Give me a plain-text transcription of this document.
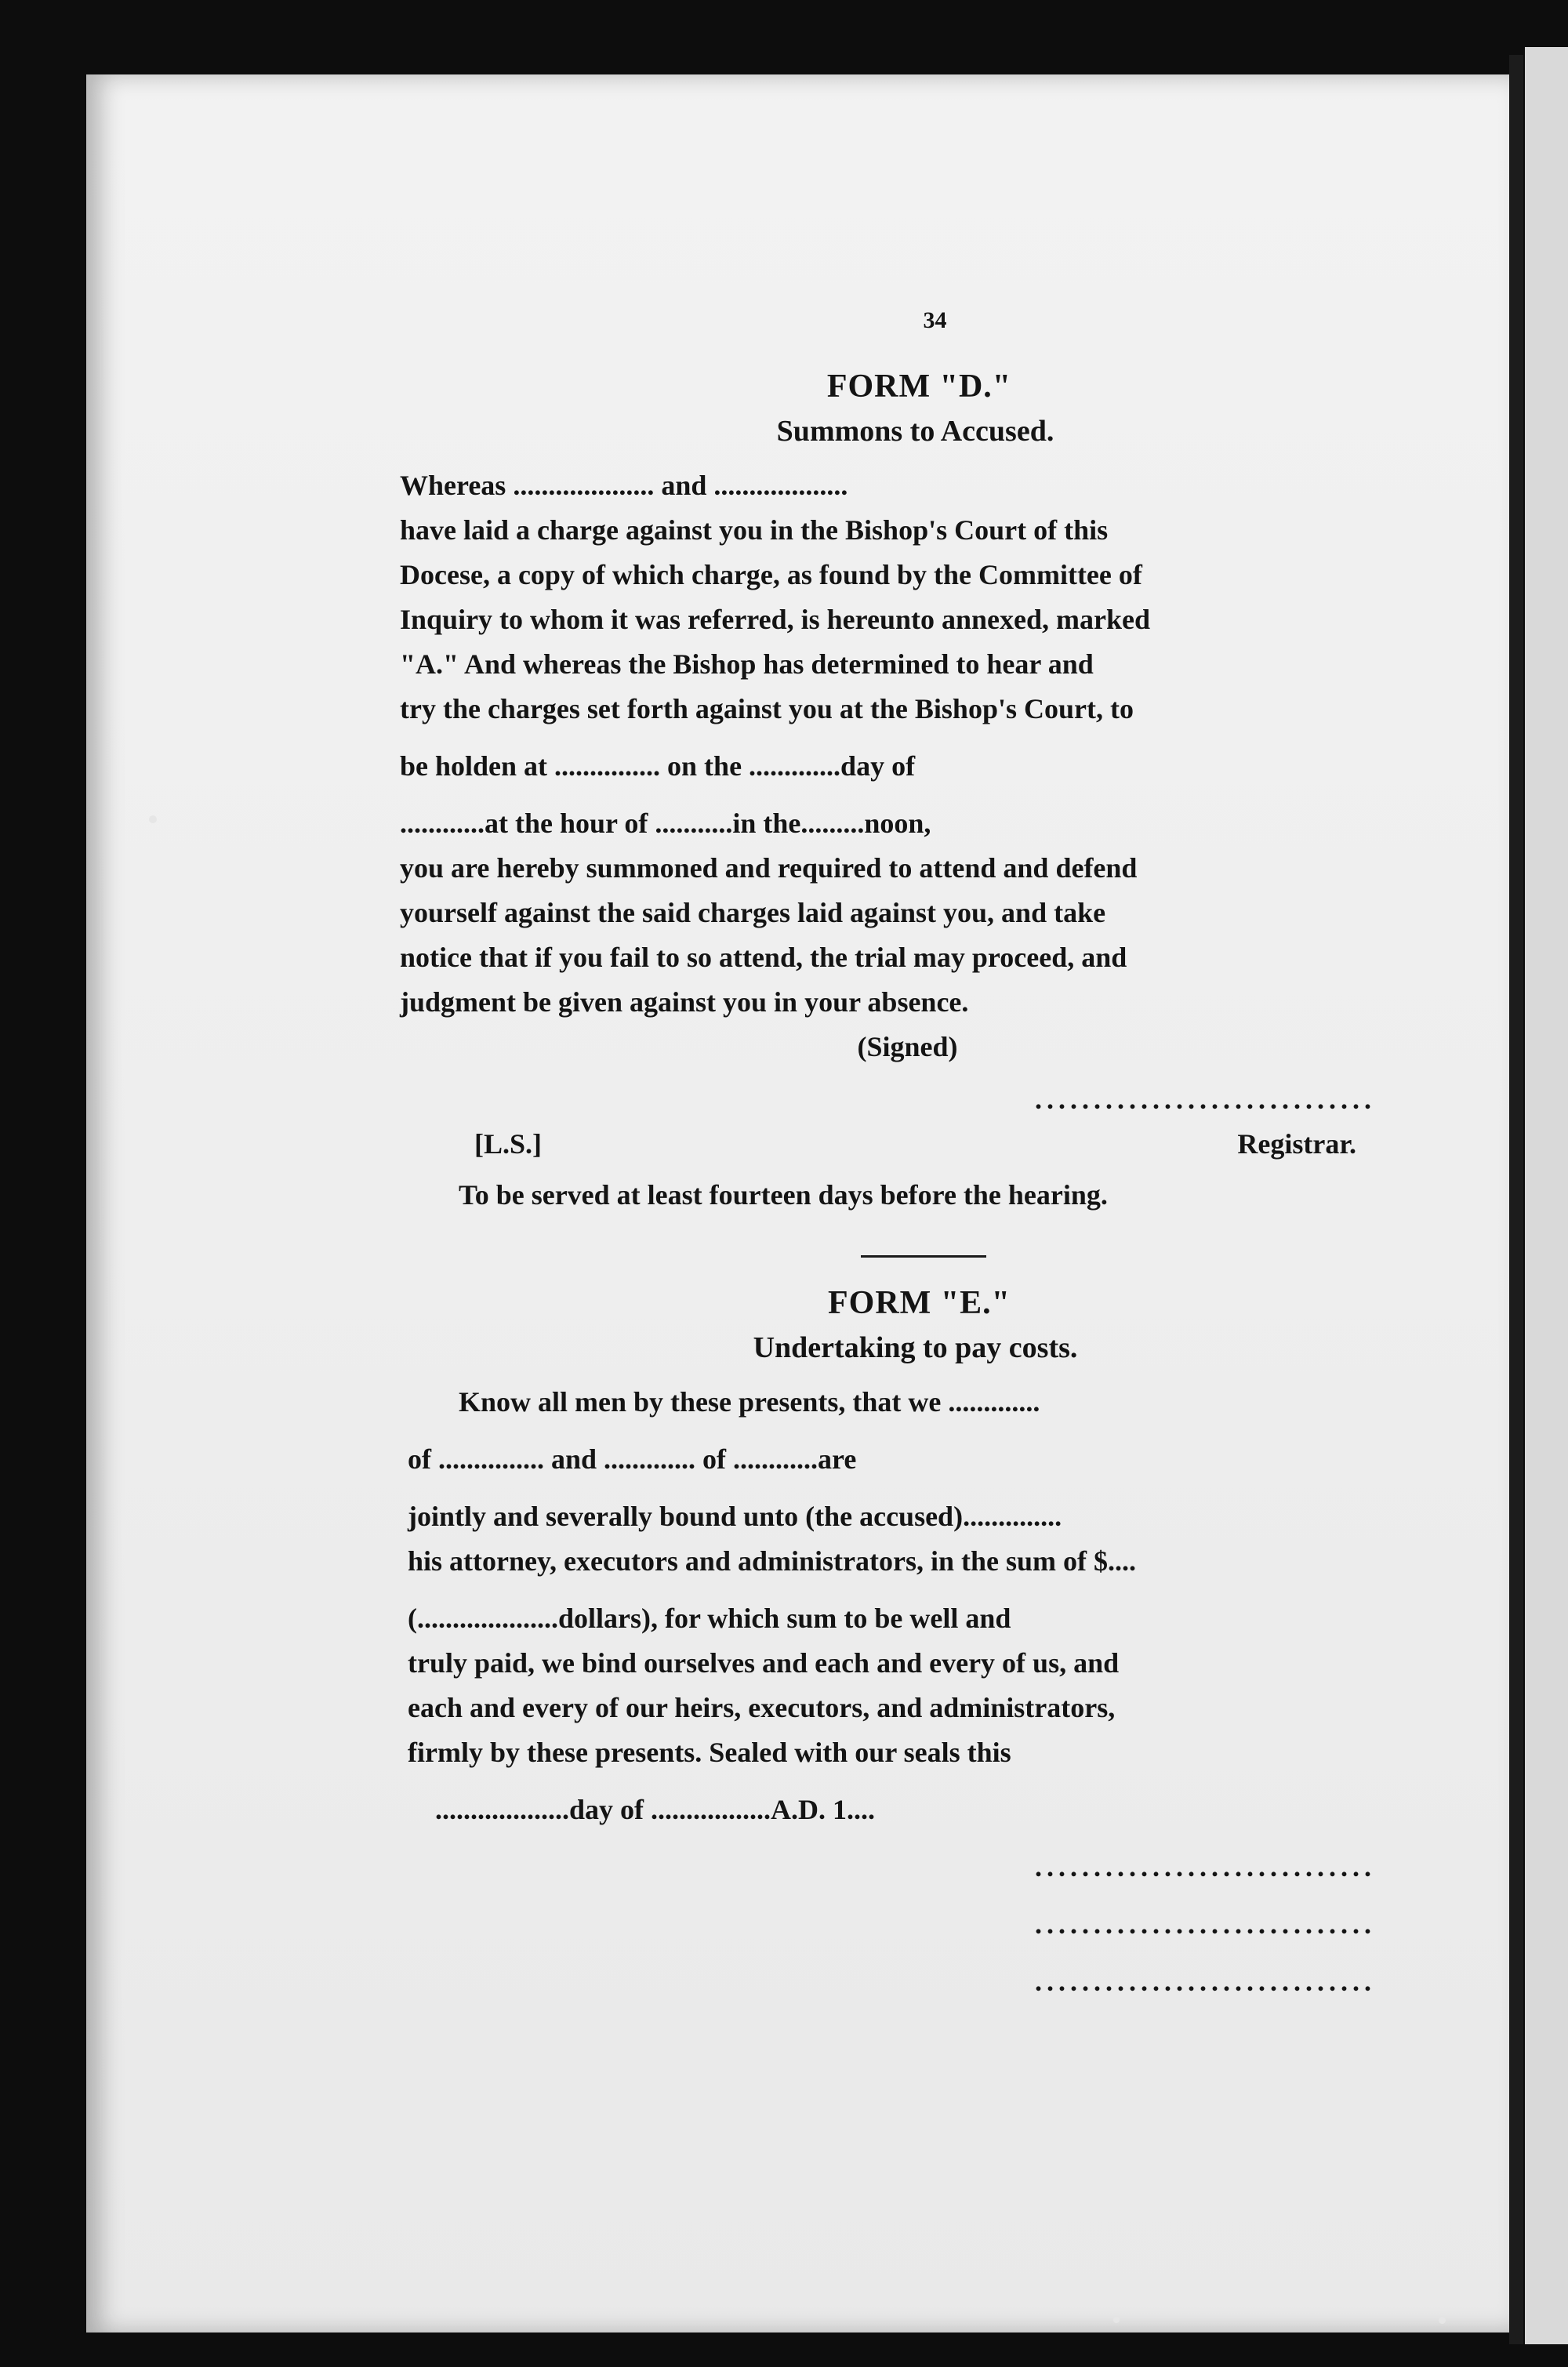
34
FORM "D."
Summons to Accused.
Whereas .................... and ...................
have laid a charge against you in the Bishop's Court of this
Docese, a copy of which charge, as found by the Committee of
Inquiry to whom it was referred, is hereunto annexed, marked
"A." And whereas the Bishop has determined to hear and
try the charges set forth against you at the Bishop's Court, to
be holden at ............... on the .............day of
............at the hour of ...........in the.........noon,
you are hereby summoned and required to attend and defend
yourself against the said charges laid against you, and take
notice that if you fail to so attend, the trial may proceed, and
judgment be given against you in your absence.
(Signed)
.............................
[L.S.]	Registrar.
To be served at least fourteen days before the hearing.
FORM "E."
Undertaking to pay costs.
Know all men by these presents, that we .............
of ............... and ............. of ............are
jointly and severally bound unto (the accused)..............
his attorney, executors and administrators, in the sum of $....
(....................dollars), for which sum to be well and
truly paid, we bind ourselves and each and every of us, and
each and every of our heirs, executors, and administrators,
firmly by these presents. Sealed with our seals this
...................day of .................A.D. 1....
.............................
.............................
.............................
